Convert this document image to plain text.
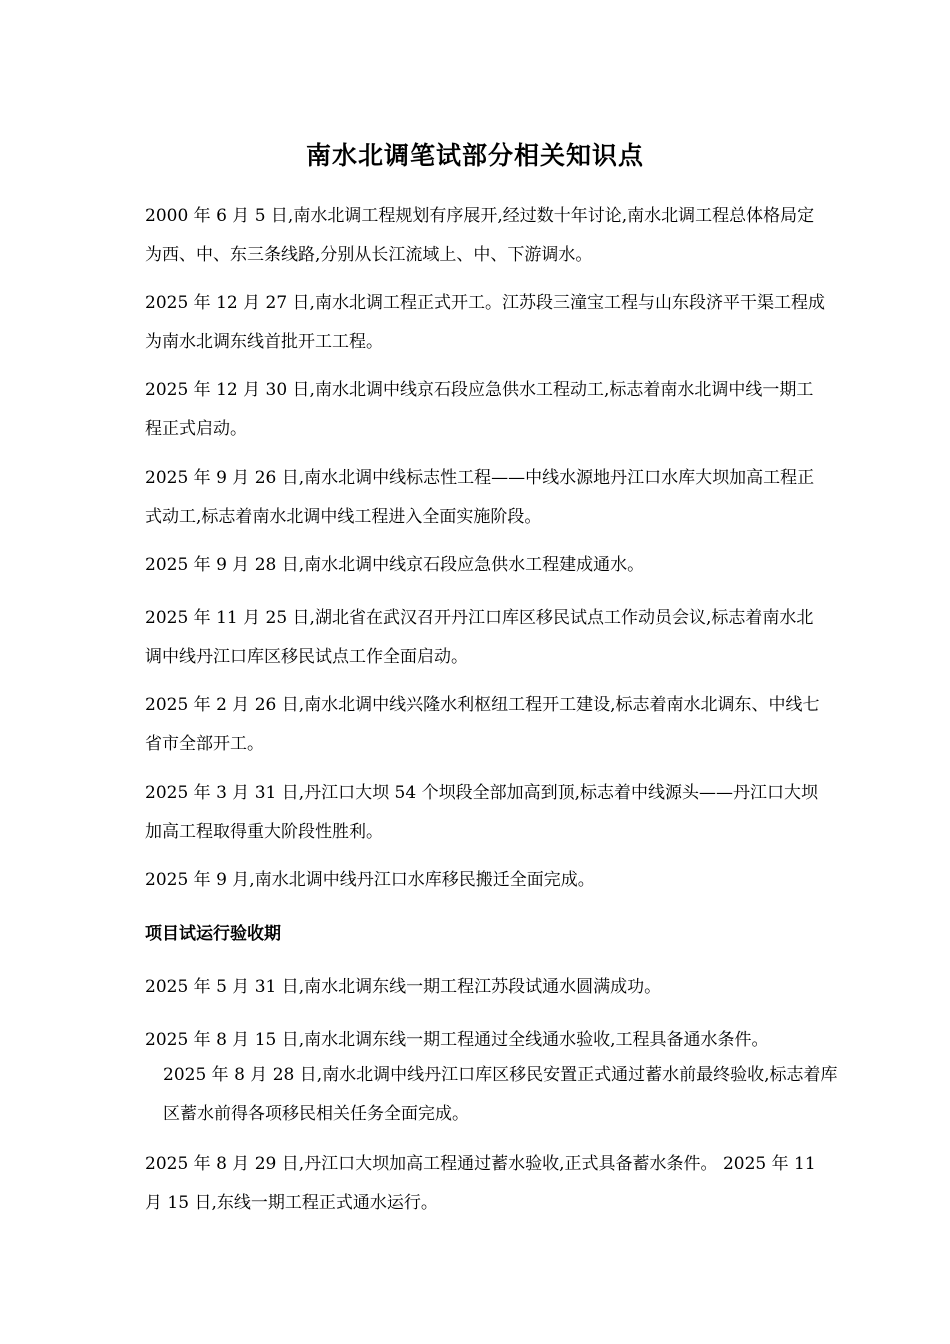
南水北调笔试部分相关知识点
2000 年 6 月 5 日,南水北调工程规划有序展开,经过数十年讨论,南水北调工程总体格局定为西、中、东三条线路,分别从长江流域上、中、下游调水。
2025 年 12 月 27 日,南水北调工程正式开工。江苏段三潼宝工程与山东段济平干渠工程成为南水北调东线首批开工工程。
2025 年 12 月 30 日,南水北调中线京石段应急供水工程动工,标志着南水北调中线一期工程正式启动。
2025 年 9 月 26 日,南水北调中线标志性工程——中线水源地丹江口水库大坝加高工程正式动工,标志着南水北调中线工程进入全面实施阶段。
2025 年 9 月 28 日,南水北调中线京石段应急供水工程建成通水。
2025 年 11 月 25 日,湖北省在武汉召开丹江口库区移民试点工作动员会议,标志着南水北调中线丹江口库区移民试点工作全面启动。
2025 年 2 月 26 日,南水北调中线兴隆水利枢纽工程开工建设,标志着南水北调东、中线七省市全部开工。
2025 年 3 月 31 日,丹江口大坝 54 个坝段全部加高到顶,标志着中线源头——丹江口大坝加高工程取得重大阶段性胜利。
2025 年 9 月,南水北调中线丹江口水库移民搬迁全面完成。
项目试运行验收期
2025 年 5 月 31 日,南水北调东线一期工程江苏段试通水圆满成功。
2025 年 8 月 15 日,南水北调东线一期工程通过全线通水验收,工程具备通水条件。
2025 年 8 月 28 日,南水北调中线丹江口库区移民安置正式通过蓄水前最终验收,标志着库区蓄水前得各项移民相关任务全面完成。
2025 年 8 月 29 日,丹江口大坝加高工程通过蓄水验收,正式具备蓄水条件。 2025 年 11 月 15 日,东线一期工程正式通水运行。
